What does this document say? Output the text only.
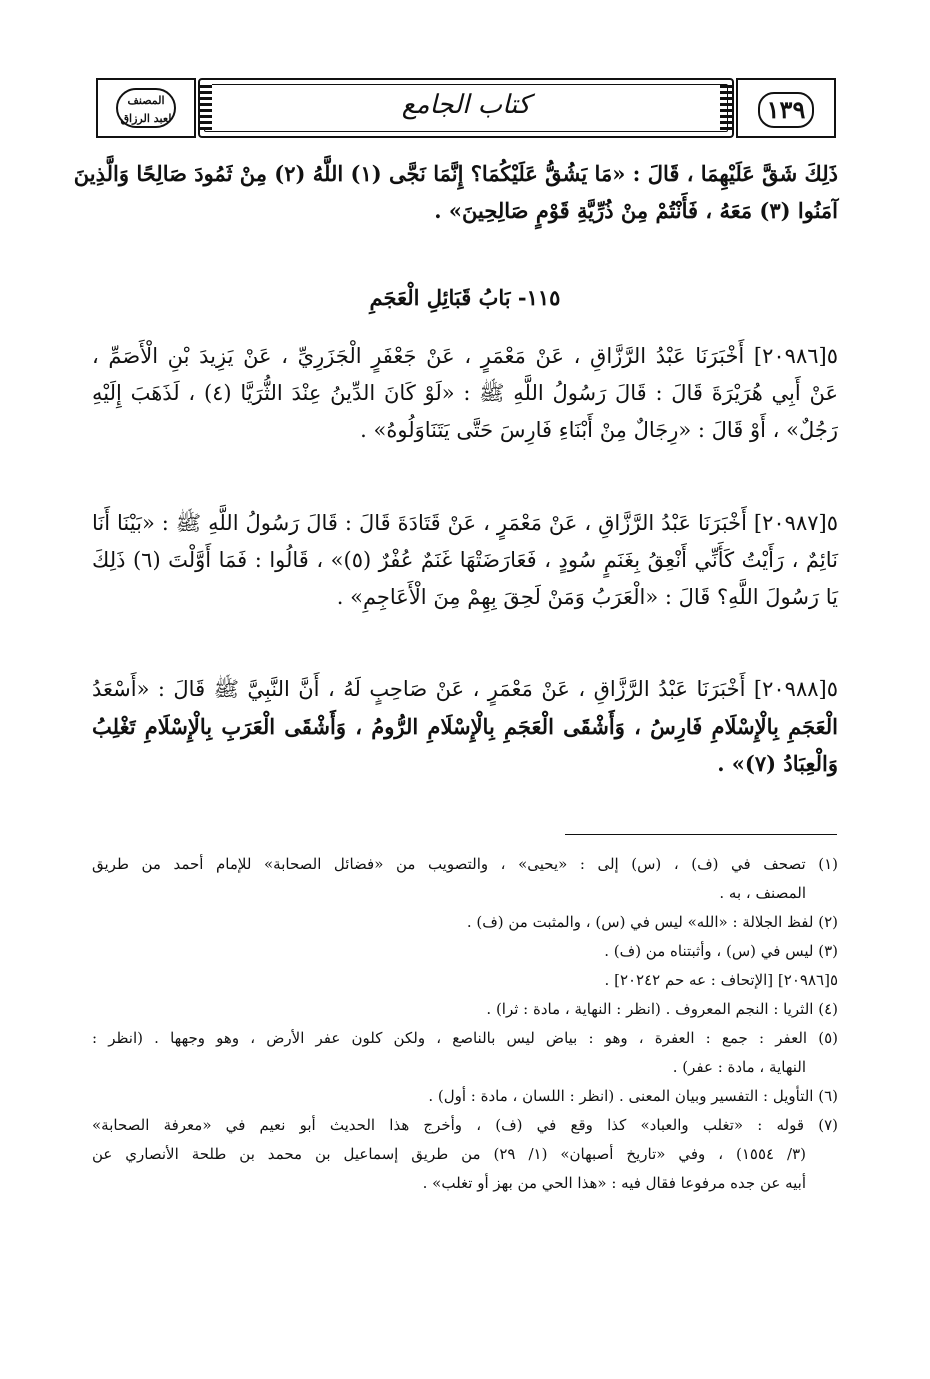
١٣٩
كتاب الجامع
المصنف
لعبد الرزاق
ذَلِكَ شَقَّ عَلَيْهِمَا ، قَالَ : «مَا يَشُقُّ عَلَيْكُمَا؟ إِنَّمَا نَجَّى (١) اللَّهُ (٢) مِنْ ثَمُودَ صَالِحًا وَالَّذِينَ
آمَنُوا (٣) مَعَهُ ، فَأَنْتُمْ مِنْ ذُرِّيَّةِ قَوْمٍ صَالِحِينَ» .
١١٥- بَابُ قَبَائِلِ الْعَجَمِ
٥[٢٠٩٨٦] أَخْبَرَنَا عَبْدُ الرَّزَّاقِ ، عَنْ مَعْمَرٍ ، عَنْ جَعْفَرٍ الْجَزَرِيِّ ، عَنْ يَزِيدَ بْنِ الْأَصَمِّ ،
عَنْ أَبِي هُرَيْرَةَ قَالَ : قَالَ رَسُولُ اللَّهِ ﷺ : «لَوْ كَانَ الدِّينُ عِنْدَ الثُّرَيَّا (٤) ، لَذَهَبَ إِلَيْهِ
رَجُلٌ» ، أَوْ قَالَ : «رِجَالٌ مِنْ أَبْنَاءِ فَارِسَ حَتَّى يَتَنَاوَلُوهُ» .
٥[٢٠٩٨٧] أَخْبَرَنَا عَبْدُ الرَّزَّاقِ ، عَنْ مَعْمَرٍ ، عَنْ قَتَادَةَ قَالَ : قَالَ رَسُولُ اللَّهِ ﷺ : «بَيْنَا أَنَا
نَائِمٌ ، رَأَيْتُ كَأَنِّي أَنْعِقُ بِغَنَمٍ سُودٍ ، فَعَارَضَتْهَا غَنَمٌ عُفْرٌ (٥)» ، قَالُوا : فَمَا أَوَّلْتَ (٦) ذَلِكَ
يَا رَسُولَ اللَّهِ؟ قَالَ : «الْعَرَبُ وَمَنْ لَحِقَ بِهِمْ مِنَ الْأَعَاجِمِ» .
٥[٢٠٩٨٨] أَخْبَرَنَا عَبْدُ الرَّزَّاقِ ، عَنْ مَعْمَرٍ ، عَنْ صَاحِبٍ لَهُ ، أَنَّ النَّبِيَّ ﷺ قَالَ : «أَسْعَدُ
الْعَجَمِ بِالْإِسْلَامِ فَارِسُ ، وَأَشْقَى الْعَجَمِ بِالْإِسْلَامِ الرُّومُ ، وَأَشْقَى الْعَرَبِ بِالْإِسْلَامِ تَغْلِبُ
وَالْعِبَادُ (٧)» .
(١) تصحف في (ف) ، (س) إلى : «يحيى» ، والتصويب من «فضائل الصحابة» للإمام أحمد من طريق
المصنف ، به .
(٢) لفظ الجلالة : «الله» ليس في (س) ، والمثبت من (ف) .
(٣) ليس في (س) ، وأثبتناه من (ف) .
٥[٢٠٩٨٦] [الإتحاف : عه حم ٢٠٢٤٢] .
(٤) الثريا : النجم المعروف . (انظر : النهاية ، مادة : ثرا) .
(٥) العفر : جمع : العفرة ، وهو : بياض ليس بالناصع ، ولكن كلون عفر الأرض ، وهو وجهها . (انظر :
النهاية ، مادة : عفر) .
(٦) التأويل : التفسير وبيان المعنى . (انظر : اللسان ، مادة : أول) .
(٧) قوله : «تغلب والعباد» كذا وقع في (ف) ، وأخرج هذا الحديث أبو نعيم في «معرفة الصحابة»
(٣/ ١٥٥٤) ، وفي «تاريخ أصبهان» (١/ ٢٩) من طريق إسماعيل بن محمد بن طلحة الأنصاري عن
أبيه عن جده مرفوعا فقال فيه : «هذا الحي من بهز أو تغلب» .
